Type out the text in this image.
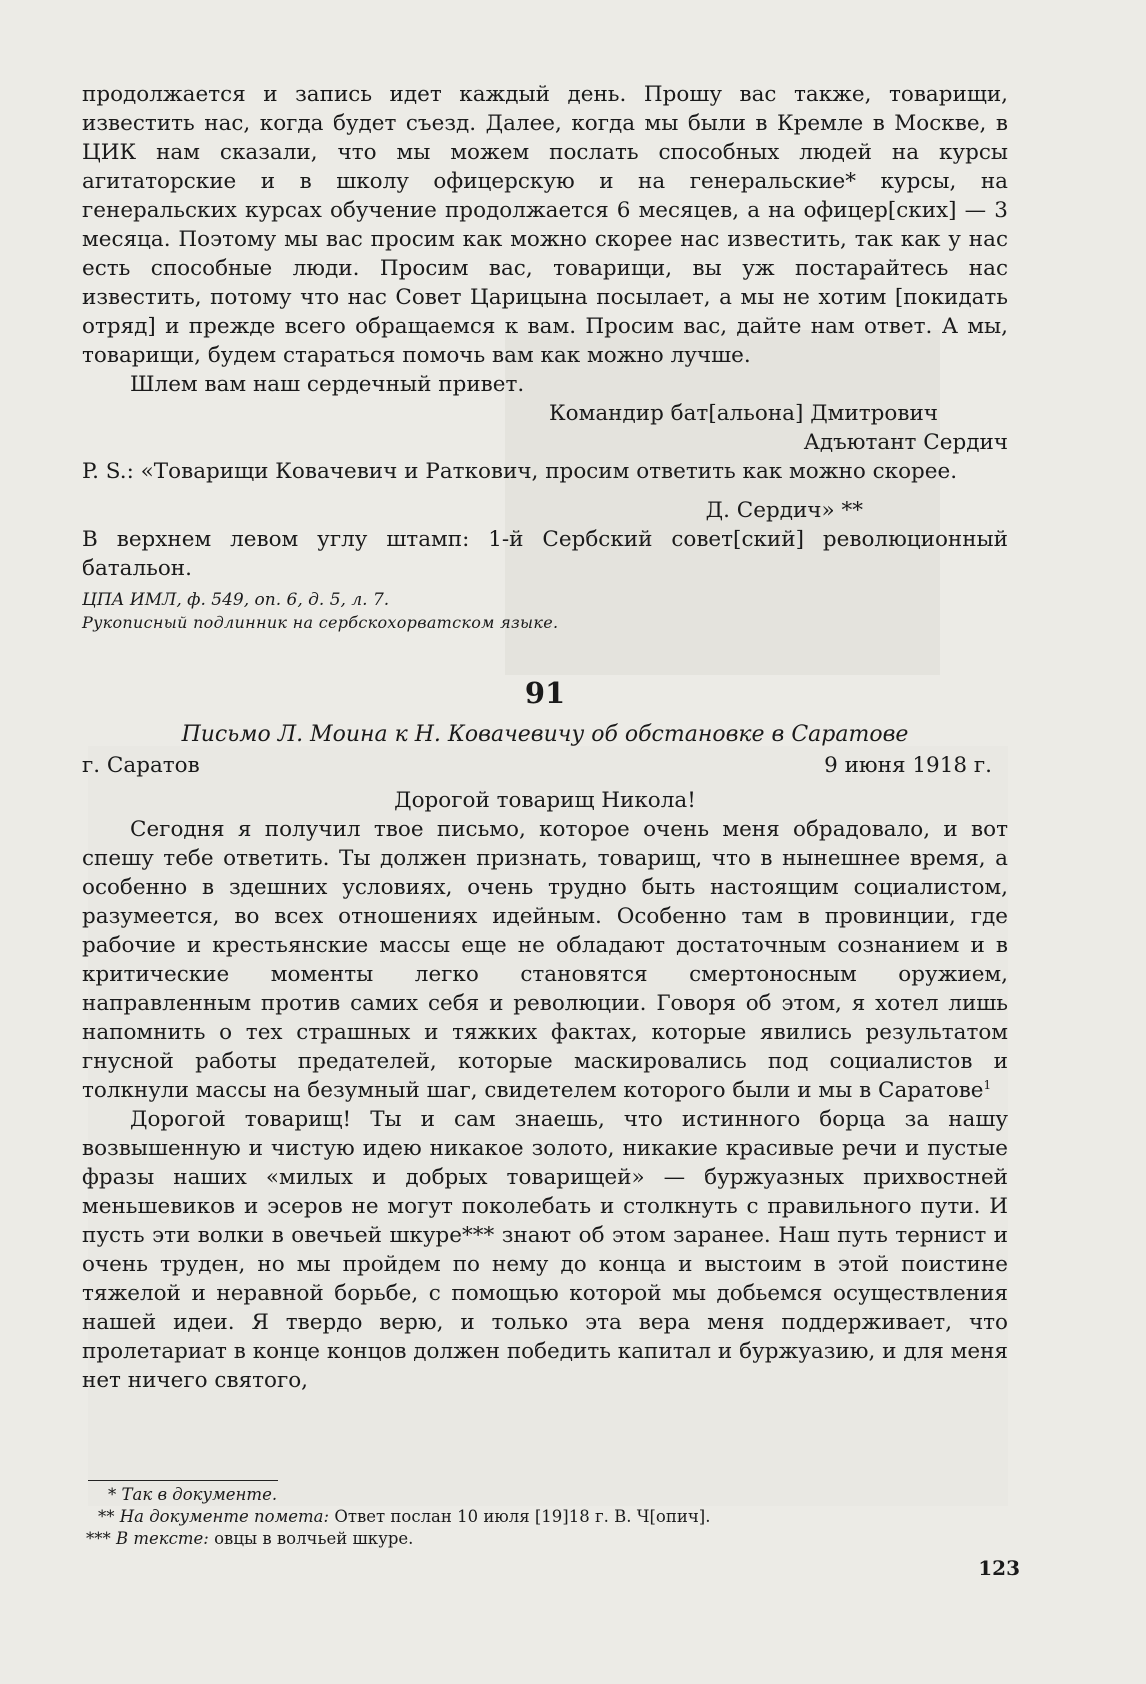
продолжается и запись идет каждый день. Прошу вас также, товарищи, известить нас, когда будет съезд. Далее, когда мы были в Кремле в Москве, в ЦИК нам сказали, что мы можем послать способных людей на курсы агитаторские и в школу офицерскую и на генеральские* курсы, на генеральских курсах обучение продолжается 6 месяцев, а на офицер[ских] — 3 месяца. Поэтому мы вас просим как можно скорее нас известить, так как у нас есть способные люди. Просим вас, товарищи, вы уж постарайтесь нас известить, потому что нас Совет Царицына посылает, а мы не хотим [покидать отряд] и прежде всего обращаемся к вам. Просим вас, дайте нам ответ. А мы, товарищи, будем стараться помочь вам как можно лучше.

Шлем вам наш сердечный привет.

Командир бат[альона] Дмитрович

Адъютант Сердич

P. S.: «Товарищи Ковачевич и Раткович, просим ответить как можно скорее.

Д. Сердич» **

В верхнем левом углу штамп: 1-й Сербский совет[ский] революционный батальон.

ЦПА ИМЛ, ф. 549, оп. 6, д. 5, л. 7.

Рукописный подлинник на сербскохорватском языке.

91
Письмо Л. Моина к Н. Ковачевичу об обстановке в Саратове
г. Саратов	9 июня 1918 г.
Дорогой товарищ Никола!

Сегодня я получил твое письмо, которое очень меня обрадовало, и вот спешу тебе ответить. Ты должен признать, товарищ, что в нынешнее время, а особенно в здешних условиях, очень трудно быть настоящим социалистом, разумеется, во всех отношениях идейным. Особенно там в провинции, где рабочие и крестьянские массы еще не обладают достаточным сознанием и в критические моменты легко становятся смертоносным оружием, направленным против самих себя и революции. Говоря об этом, я хотел лишь напомнить о тех страшных и тяжких фактах, которые явились результатом гнусной работы предателей, которые маскировались под социалистов и толкнули массы на безумный шаг, свидетелем которого были и мы в Саратове$^1$

Дорогой товарищ! Ты и сам знаешь, что истинного борца за нашу возвышенную и чистую идею никакое золото, никакие красивые речи и пустые фразы наших «милых и добрых товарищей» — буржуазных прихвостней меньшевиков и эсеров не могут поколебать и столкнуть с правильного пути. И пусть эти волки в овечьей шкуре*** знают об этом заранее. Наш путь тернист и очень труден, но мы пройдем по нему до конца и выстоим в этой поистине тяжелой и неравной борьбе, с помощью которой мы добьемся осуществления нашей идеи. Я твердо верю, и только эта вера меня поддерживает, что пролетариат в конце концов должен победить капитал и буржуазию, и для меня нет ничего святого,

* Так в документе.
** На документе помета: Ответ послан 10 июля [19]18 г. В. Ч[опич].
*** В тексте: овцы в волчьей шкуре.
123
